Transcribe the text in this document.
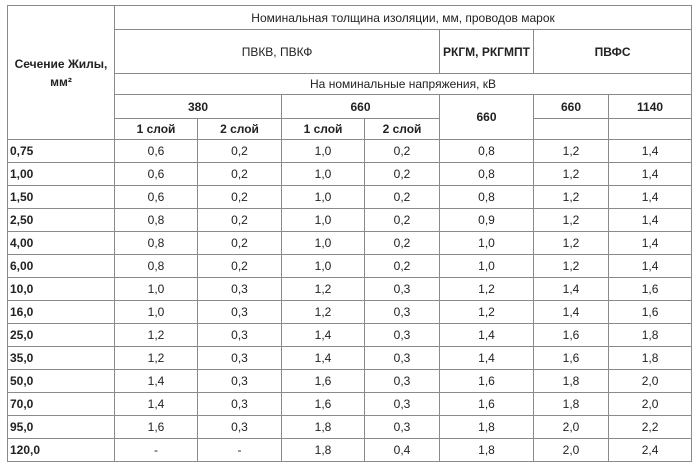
Сечение Жилы, мм²	Номинальная толщина изоляции, мм, проводов марок						
	ПВКВ, ПВКФ				РКГМ, РКГМПТ	ПВФС	
	На номинальные напряжения, кВ						
	380		660		660	660	1140
	1 слой	2 слой	1 слой	2 слой			
0,75	0,6	0,2	1,0	0,2	0,8	1,2	1,4
1,00	0,6	0,2	1,0	0,2	0,8	1,2	1,4
1,50	0,6	0,2	1,0	0,2	0,8	1,2	1,4
2,50	0,8	0,2	1,0	0,2	0,9	1,2	1,4
4,00	0,8	0,2	1,0	0,2	1,0	1,2	1,4
6,00	0,8	0,2	1,0	0,2	1,0	1,2	1,4
10,0	1,0	0,3	1,2	0,3	1,2	1,4	1,6
16,0	1,0	0,3	1,2	0,3	1,2	1,4	1,6
25,0	1,2	0,3	1,4	0,3	1,4	1,6	1,8
35,0	1,2	0,3	1,4	0,3	1,4	1,6	1,8
50,0	1,4	0,3	1,6	0,3	1,6	1,8	2,0
70,0	1,4	0,3	1,6	0,3	1,6	1,8	2,0
95,0	1,6	0,3	1,8	0,3	1,8	2,0	2,2
120,0	-	-	1,8	0,4	1,8	2,0	2,4
